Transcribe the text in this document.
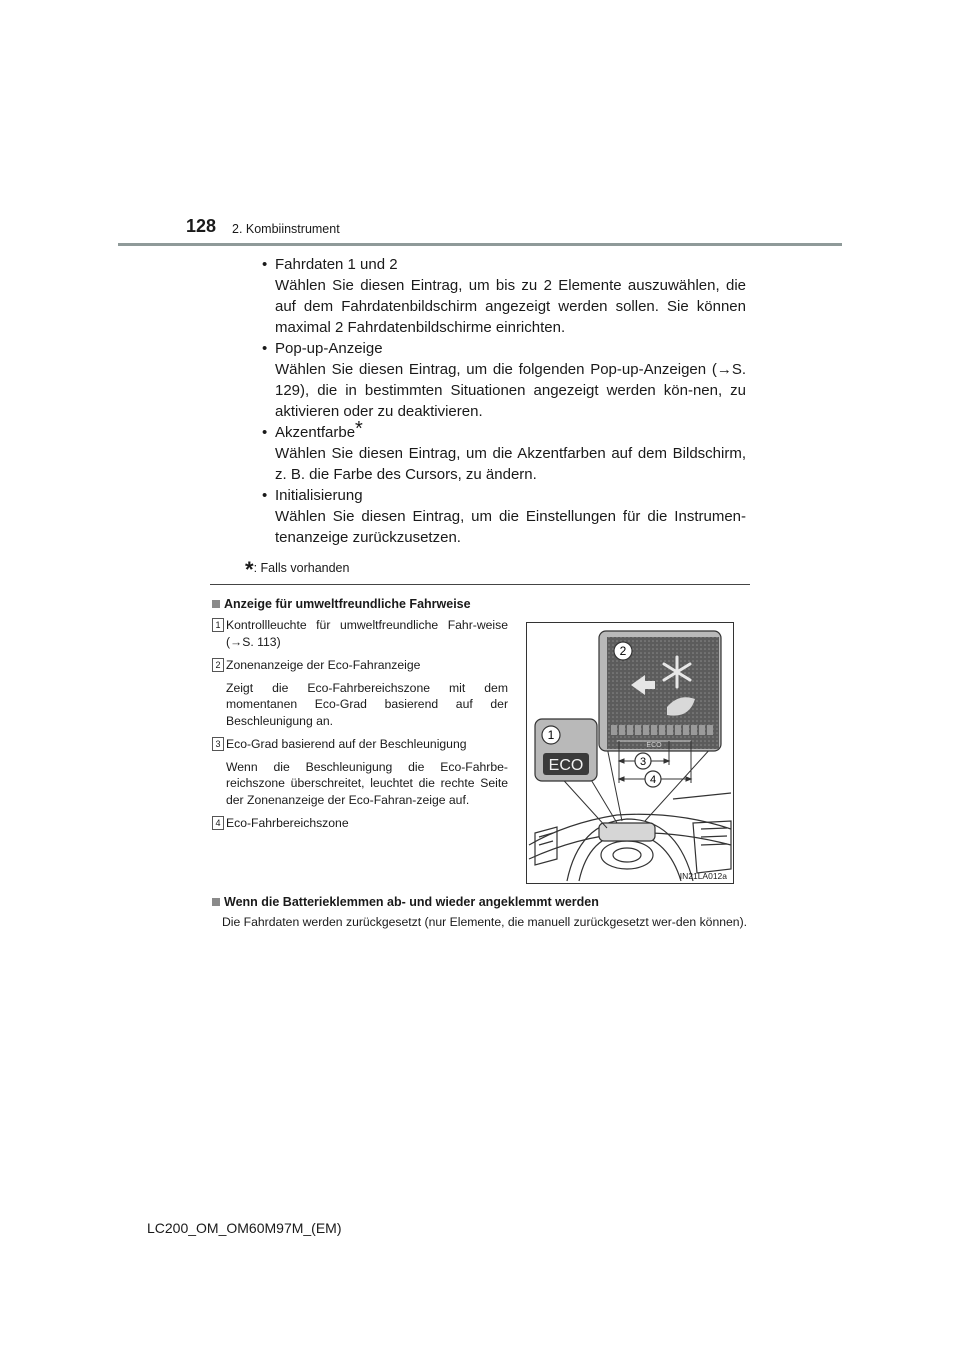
128 2. Kombiinstrument
• Fahrdaten 1 und 2
Wählen Sie diesen Eintrag, um bis zu 2 Elemente auszuwählen, die auf dem Fahrdatenbildschirm angezeigt werden sollen. Sie können maximal 2 Fahrdatenbildschirme einrichten.
• Pop-up-Anzeige
Wählen Sie diesen Eintrag, um die folgenden Pop-up-Anzeigen (→S. 129), die in bestimmten Situationen angezeigt werden kön-nen, zu aktivieren oder zu deaktivieren.
• Akzentfarbe*
Wählen Sie diesen Eintrag, um die Akzentfarben auf dem Bildschirm, z. B. die Farbe des Cursors, zu ändern.
• Initialisierung
Wählen Sie diesen Eintrag, um die Einstellungen für die Instrumen-tenanzeige zurückzusetzen.
*: Falls vorhanden
Anzeige für umweltfreundliche Fahrweise
1 Kontrollleuchte für umweltfreundliche Fahr-weise (→S. 113)

2 Zonenanzeige der Eco-Fahranzeige

Zeigt die Eco-Fahrbereichszone mit dem momentanen Eco-Grad basierend auf der Beschleunigung an.

3 Eco-Grad basierend auf der Beschleunigung

Wenn die Beschleunigung die Eco-Fahrbe-reichszone überschreitet, leuchtet die rechte Seite der Zonenanzeige der Eco-Fahran-zeige auf.

4 Eco-Fahrbereichszone

ECO
2
ECO
1
3
4
IN21LA012a
Wenn die Batterieklemmen ab- und wieder angeklemmt werden
Die Fahrdaten werden zurückgesetzt (nur Elemente, die manuell zurückgesetzt wer-den können).
LC200_OM_OM60M97M_(EM)
